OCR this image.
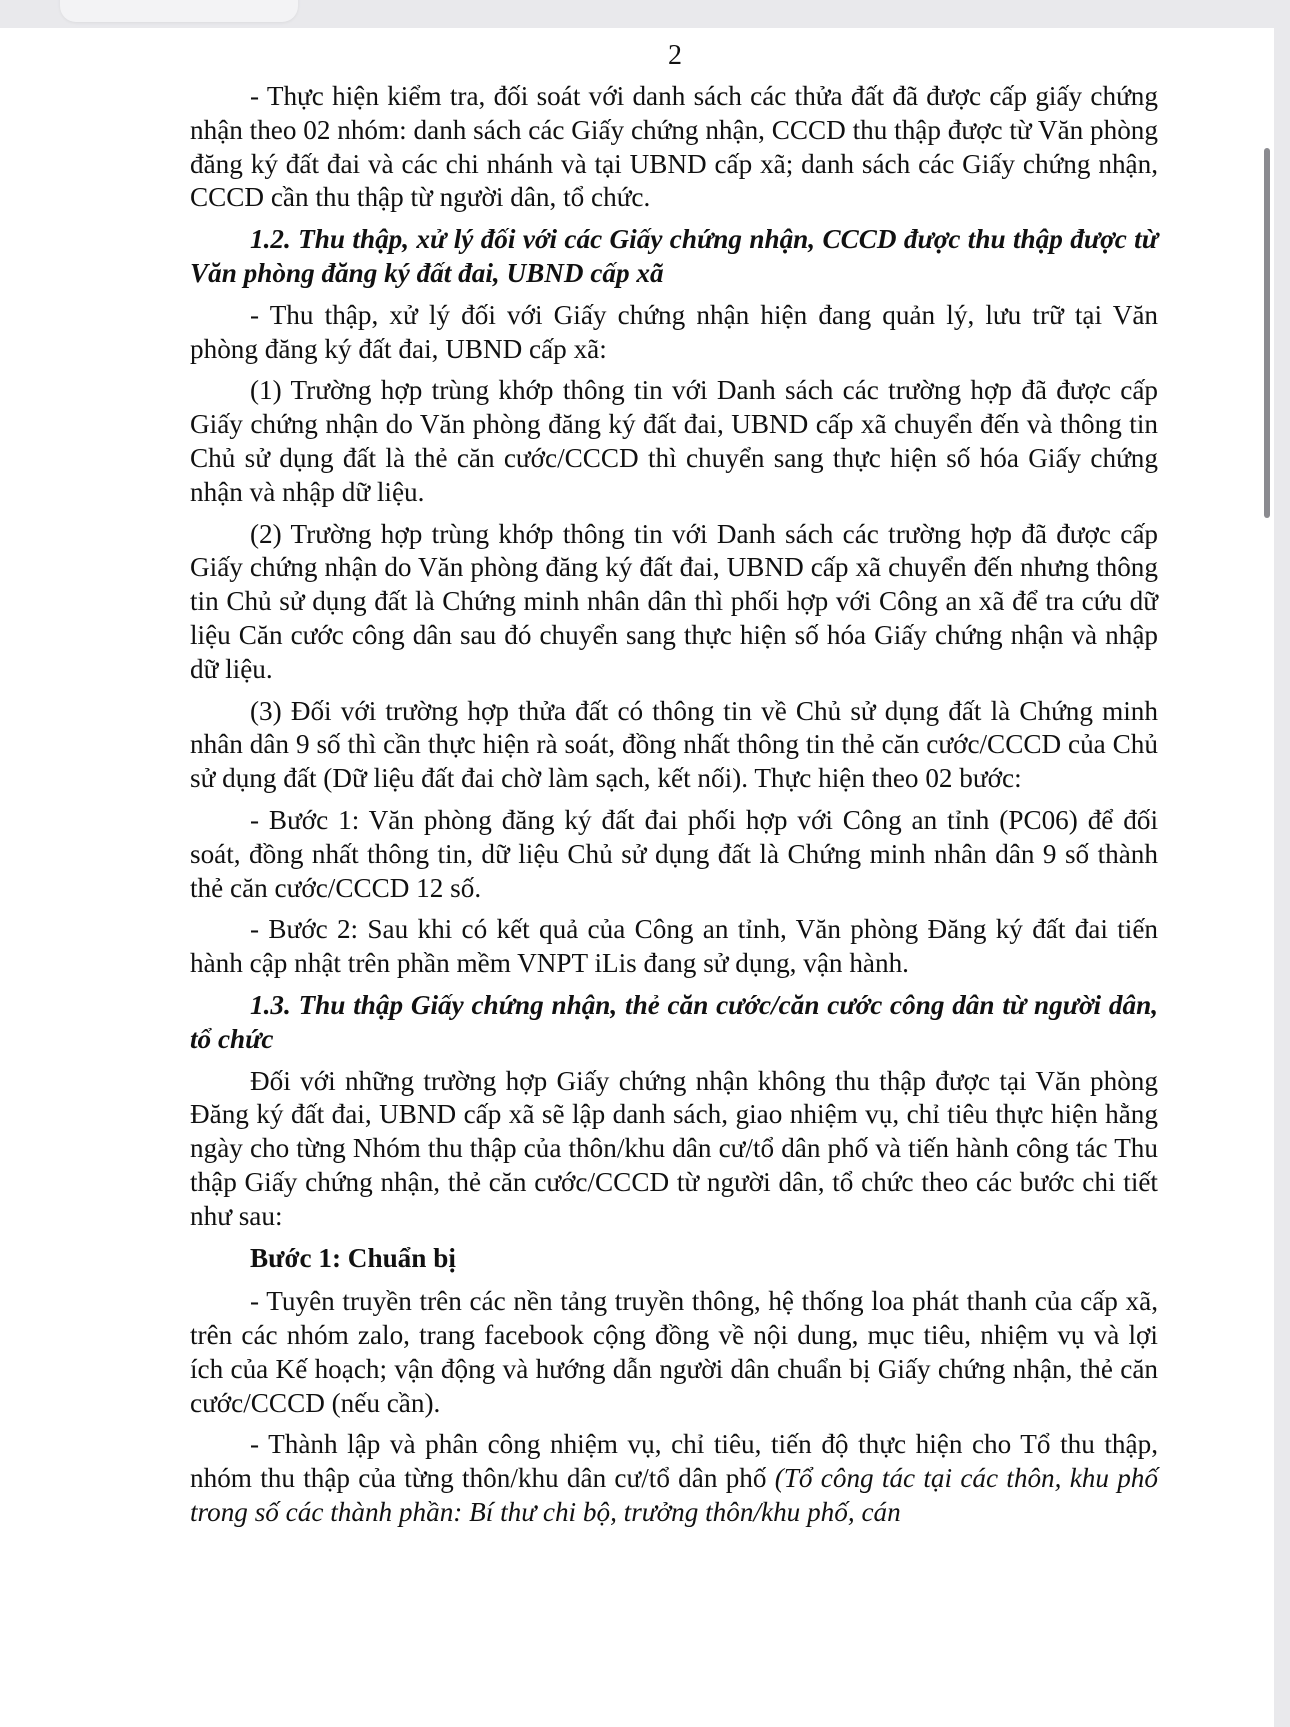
2

- Thực hiện kiểm tra, đối soát với danh sách các thửa đất đã được cấp giấy chứng nhận theo 02 nhóm: danh sách các Giấy chứng nhận, CCCD thu thập được từ Văn phòng đăng ký đất đai và các chi nhánh và tại UBND cấp xã; danh sách các Giấy chứng nhận, CCCD cần thu thập từ người dân, tổ chức.

1.2. Thu thập, xử lý đối với các Giấy chứng nhận, CCCD được thu thập được từ Văn phòng đăng ký đất đai, UBND cấp xã

- Thu thập, xử lý đối với Giấy chứng nhận hiện đang quản lý, lưu trữ tại Văn phòng đăng ký đất đai, UBND cấp xã:

(1) Trường hợp trùng khớp thông tin với Danh sách các trường hợp đã được cấp Giấy chứng nhận do Văn phòng đăng ký đất đai, UBND cấp xã chuyển đến và thông tin Chủ sử dụng đất là thẻ căn cước/CCCD thì chuyển sang thực hiện số hóa Giấy chứng nhận và nhập dữ liệu.

(2) Trường hợp trùng khớp thông tin với Danh sách các trường hợp đã được cấp Giấy chứng nhận do Văn phòng đăng ký đất đai, UBND cấp xã chuyển đến nhưng thông tin Chủ sử dụng đất là Chứng minh nhân dân thì phối hợp với Công an xã để tra cứu dữ liệu Căn cước công dân sau đó chuyển sang thực hiện số hóa Giấy chứng nhận và nhập dữ liệu.

(3) Đối với trường hợp thửa đất có thông tin về Chủ sử dụng đất là Chứng minh nhân dân 9 số thì cần thực hiện rà soát, đồng nhất thông tin thẻ căn cước/CCCD của Chủ sử dụng đất (Dữ liệu đất đai chờ làm sạch, kết nối). Thực hiện theo 02 bước:

- Bước 1: Văn phòng đăng ký đất đai phối hợp với Công an tỉnh (PC06) để đối soát, đồng nhất thông tin, dữ liệu Chủ sử dụng đất là Chứng minh nhân dân 9 số thành thẻ căn cước/CCCD 12 số.

- Bước 2: Sau khi có kết quả của Công an tỉnh, Văn phòng Đăng ký đất đai tiến hành cập nhật trên phần mềm VNPT iLis đang sử dụng, vận hành.

1.3. Thu thập Giấy chứng nhận, thẻ căn cước/căn cước công dân từ người dân, tổ chức

Đối với những trường hợp Giấy chứng nhận không thu thập được tại Văn phòng Đăng ký đất đai, UBND cấp xã sẽ lập danh sách, giao nhiệm vụ, chỉ tiêu thực hiện hằng ngày cho từng Nhóm thu thập của thôn/khu dân cư/tổ dân phố và tiến hành công tác Thu thập Giấy chứng nhận, thẻ căn cước/CCCD từ người dân, tổ chức theo các bước chi tiết như sau:

Bước 1: Chuẩn bị

- Tuyên truyền trên các nền tảng truyền thông, hệ thống loa phát thanh của cấp xã, trên các nhóm zalo, trang facebook cộng đồng về nội dung, mục tiêu, nhiệm vụ và lợi ích của Kế hoạch; vận động và hướng dẫn người dân chuẩn bị Giấy chứng nhận, thẻ căn cước/CCCD (nếu cần).

- Thành lập và phân công nhiệm vụ, chỉ tiêu, tiến độ thực hiện cho Tổ thu thập, nhóm thu thập của từng thôn/khu dân cư/tổ dân phố (Tổ công tác tại các thôn, khu phố trong số các thành phần: Bí thư chi bộ, trưởng thôn/khu phố, cán
